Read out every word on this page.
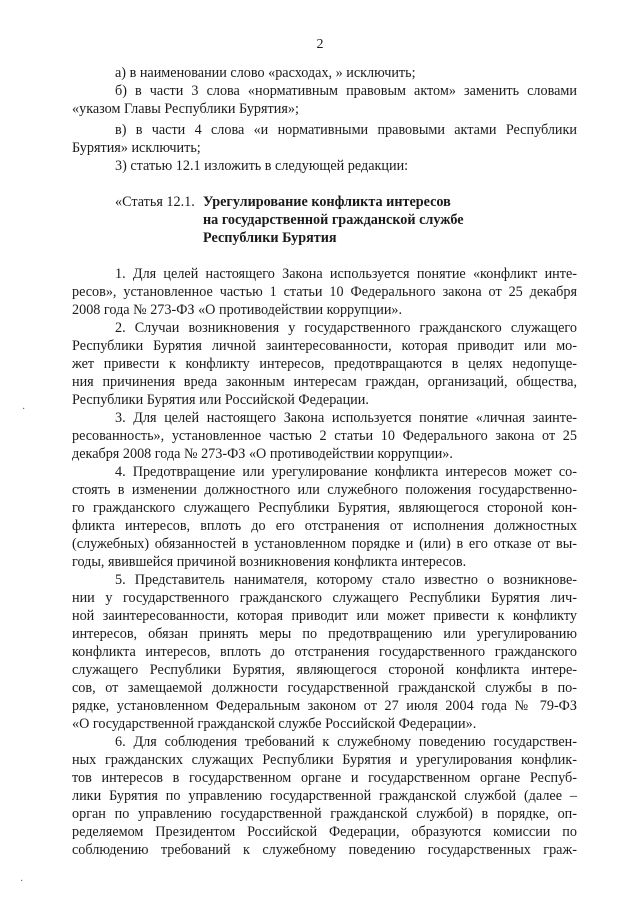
2
а) в наименовании слово «расходах, » исключить;
б) в части 3 слова «нормативным правовым актом» заменить словами
«указом Главы Республики Бурятия»;
в) в части 4 слова «и нормативными правовыми актами Республики
Бурятия» исключить;
3) статью 12.1 изложить в следующей редакции:
«Статья 12.1. Урегулирование конфликта интересов
на государственной гражданской службе
Республики Бурятия
1. Для целей настоящего Закона используется понятие «конфликт инте-
ресов», установленное частью 1 статьи 10 Федерального закона от 25 декабря
2008 года № 273-ФЗ «О противодействии коррупции».
2. Случаи возникновения у государственного гражданского служащего
Республики Бурятия личной заинтересованности, которая приводит или мо-
жет привести к конфликту интересов, предотвращаются в целях недопуще-
ния причинения вреда законным интересам граждан, организаций, общества,
Республики Бурятия или Российской Федерации.
3. Для целей настоящего Закона используется понятие «личная заинте-
ресованность», установленное частью 2 статьи 10 Федерального закона от 25
декабря 2008 года № 273-ФЗ «О противодействии коррупции».
4. Предотвращение или урегулирование конфликта интересов может со-
стоять в изменении должностного или служебного положения государственно-
го гражданского служащего Республики Бурятия, являющегося стороной кон-
фликта интересов, вплоть до его отстранения от исполнения должностных
(служебных) обязанностей в установленном порядке и (или) в его отказе от вы-
годы, явившейся причиной возникновения конфликта интересов.
5. Представитель нанимателя, которому стало известно о возникнове-
нии у государственного гражданского служащего Республики Бурятия лич-
ной заинтересованности, которая приводит или может привести к конфликту
интересов, обязан принять меры по предотвращению или урегулированию
конфликта интересов, вплоть до отстранения государственного гражданского
служащего Республики Бурятия, являющегося стороной конфликта интере-
сов, от замещаемой должности государственной гражданской службы в по-
рядке, установленном Федеральным законом от 27 июля 2004 года № 79-ФЗ
«О государственной гражданской службе Российской Федерации».
6. Для соблюдения требований к служебному поведению государствен-
ных гражданских служащих Республики Бурятия и урегулирования конфлик-
тов интересов в государственном органе и государственном органе Респуб-
лики Бурятия по управлению государственной гражданской службой (далее –
орган по управлению государственной гражданской службой) в порядке, оп-
ределяемом Президентом Российской Федерации, образуются комиссии по
соблюдению требований к служебному поведению государственных граж-
·
·
